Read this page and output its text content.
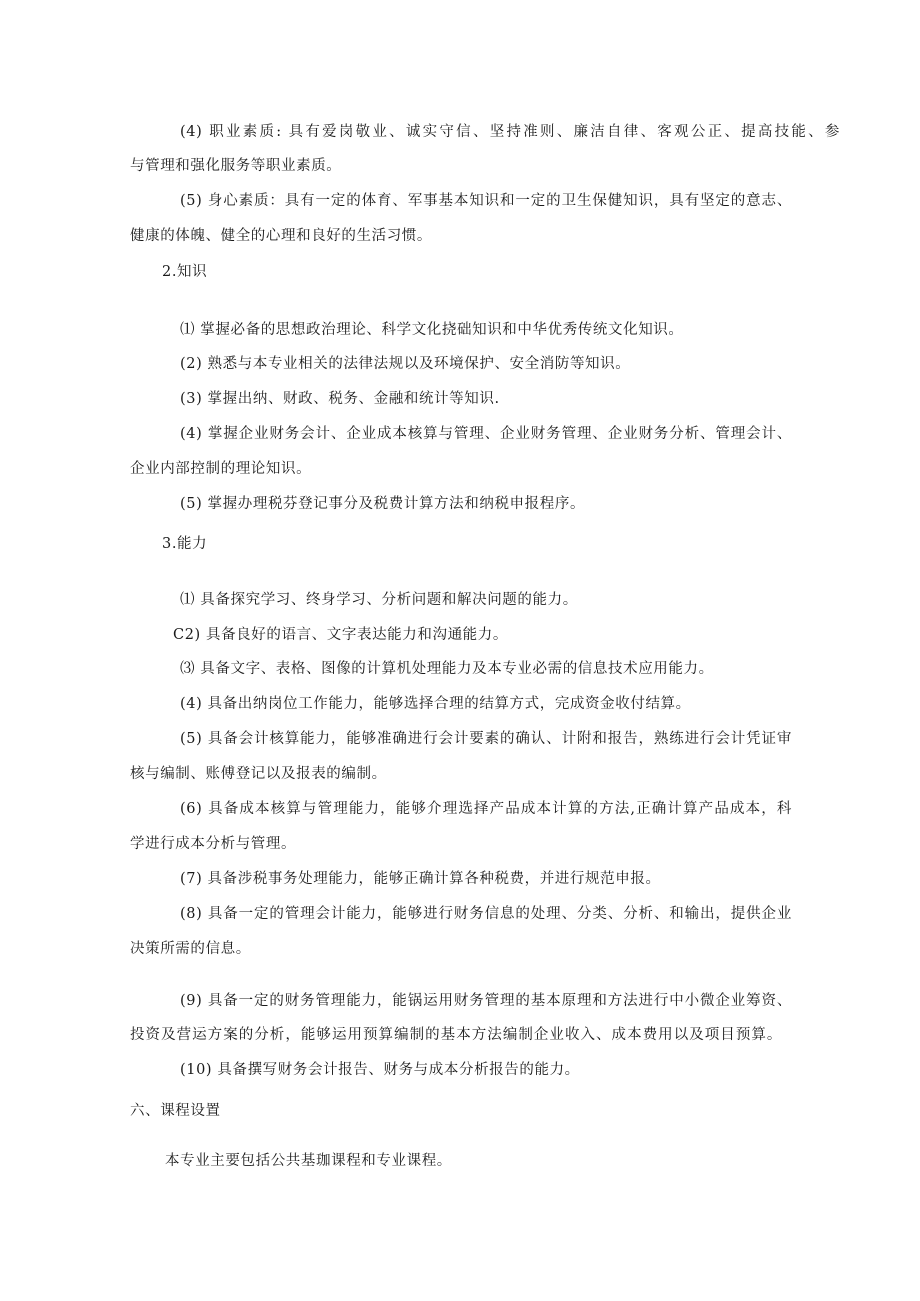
(4) 职业素质: 具有爱岗敬业、诚实守信、坚持准则、廉洁自律、客观公正、提高技能、参
与管理和强化服务等职业素质。
(5) 身心素质：具有一定的体育、军事基本知识和一定的卫生保健知识，具有坚定的意志、
健康的体魄、健全的心理和良好的生活习惯。
2.知识
⑴ 掌握必备的思想政治理论、科学文化挠础知识和中华优秀传统文化知识。
(2) 熟悉与本专业相关的法律法规以及环境保护、安全消防等知识。
(3) 掌握出纳、财政、税务、金融和统计等知识.
(4) 掌握企业财务会计、企业成本核算与管理、企业财务管理、企业财务分析、管理会计、
企业内部控制的理论知识。
(5) 掌握办理税芬登记事分及税费计算方法和纳税申报程序。
3.能力
⑴ 具备探究学习、终身学习、分析问题和解决问题的能力。
C2) 具备良好的语言、文字表达能力和沟通能力。
⑶ 具备文字、表格、图像的计算机处理能力及本专业必需的信息技术应用能力。
(4) 具备出纳岗位工作能力，能够选择合理的结算方式，完成资金收付结算。
(5) 具备会计核算能力，能够准确进行会计要素的确认、计附和报告，熟练进行会计凭证审
核与编制、账傅登记以及报表的编制。
(6) 具备成本核算与管理能力，能够介理选择产品成本计算的方法,正确计算产品成本，科
学进行成本分析与管理。
(7) 具备涉税事务处理能力，能够正确计算各种税费，并进行规范申报。
(8) 具备一定的管理会计能力，能够进行财务信息的处理、分类、分析、和输出，提供企业
决策所需的信息。
(9) 具备一定的财务管理能力，能锅运用财务管理的基本原理和方法进行中小微企业筹资、
投资及营运方案的分析，能够运用预算编制的基本方法编制企业收入、成本费用以及项目预算。
(10) 具备撰写财务会计报告、财务与成本分析报告的能力。
六、课程设置
本专业主要包括公共基珈课程和专业课程。
